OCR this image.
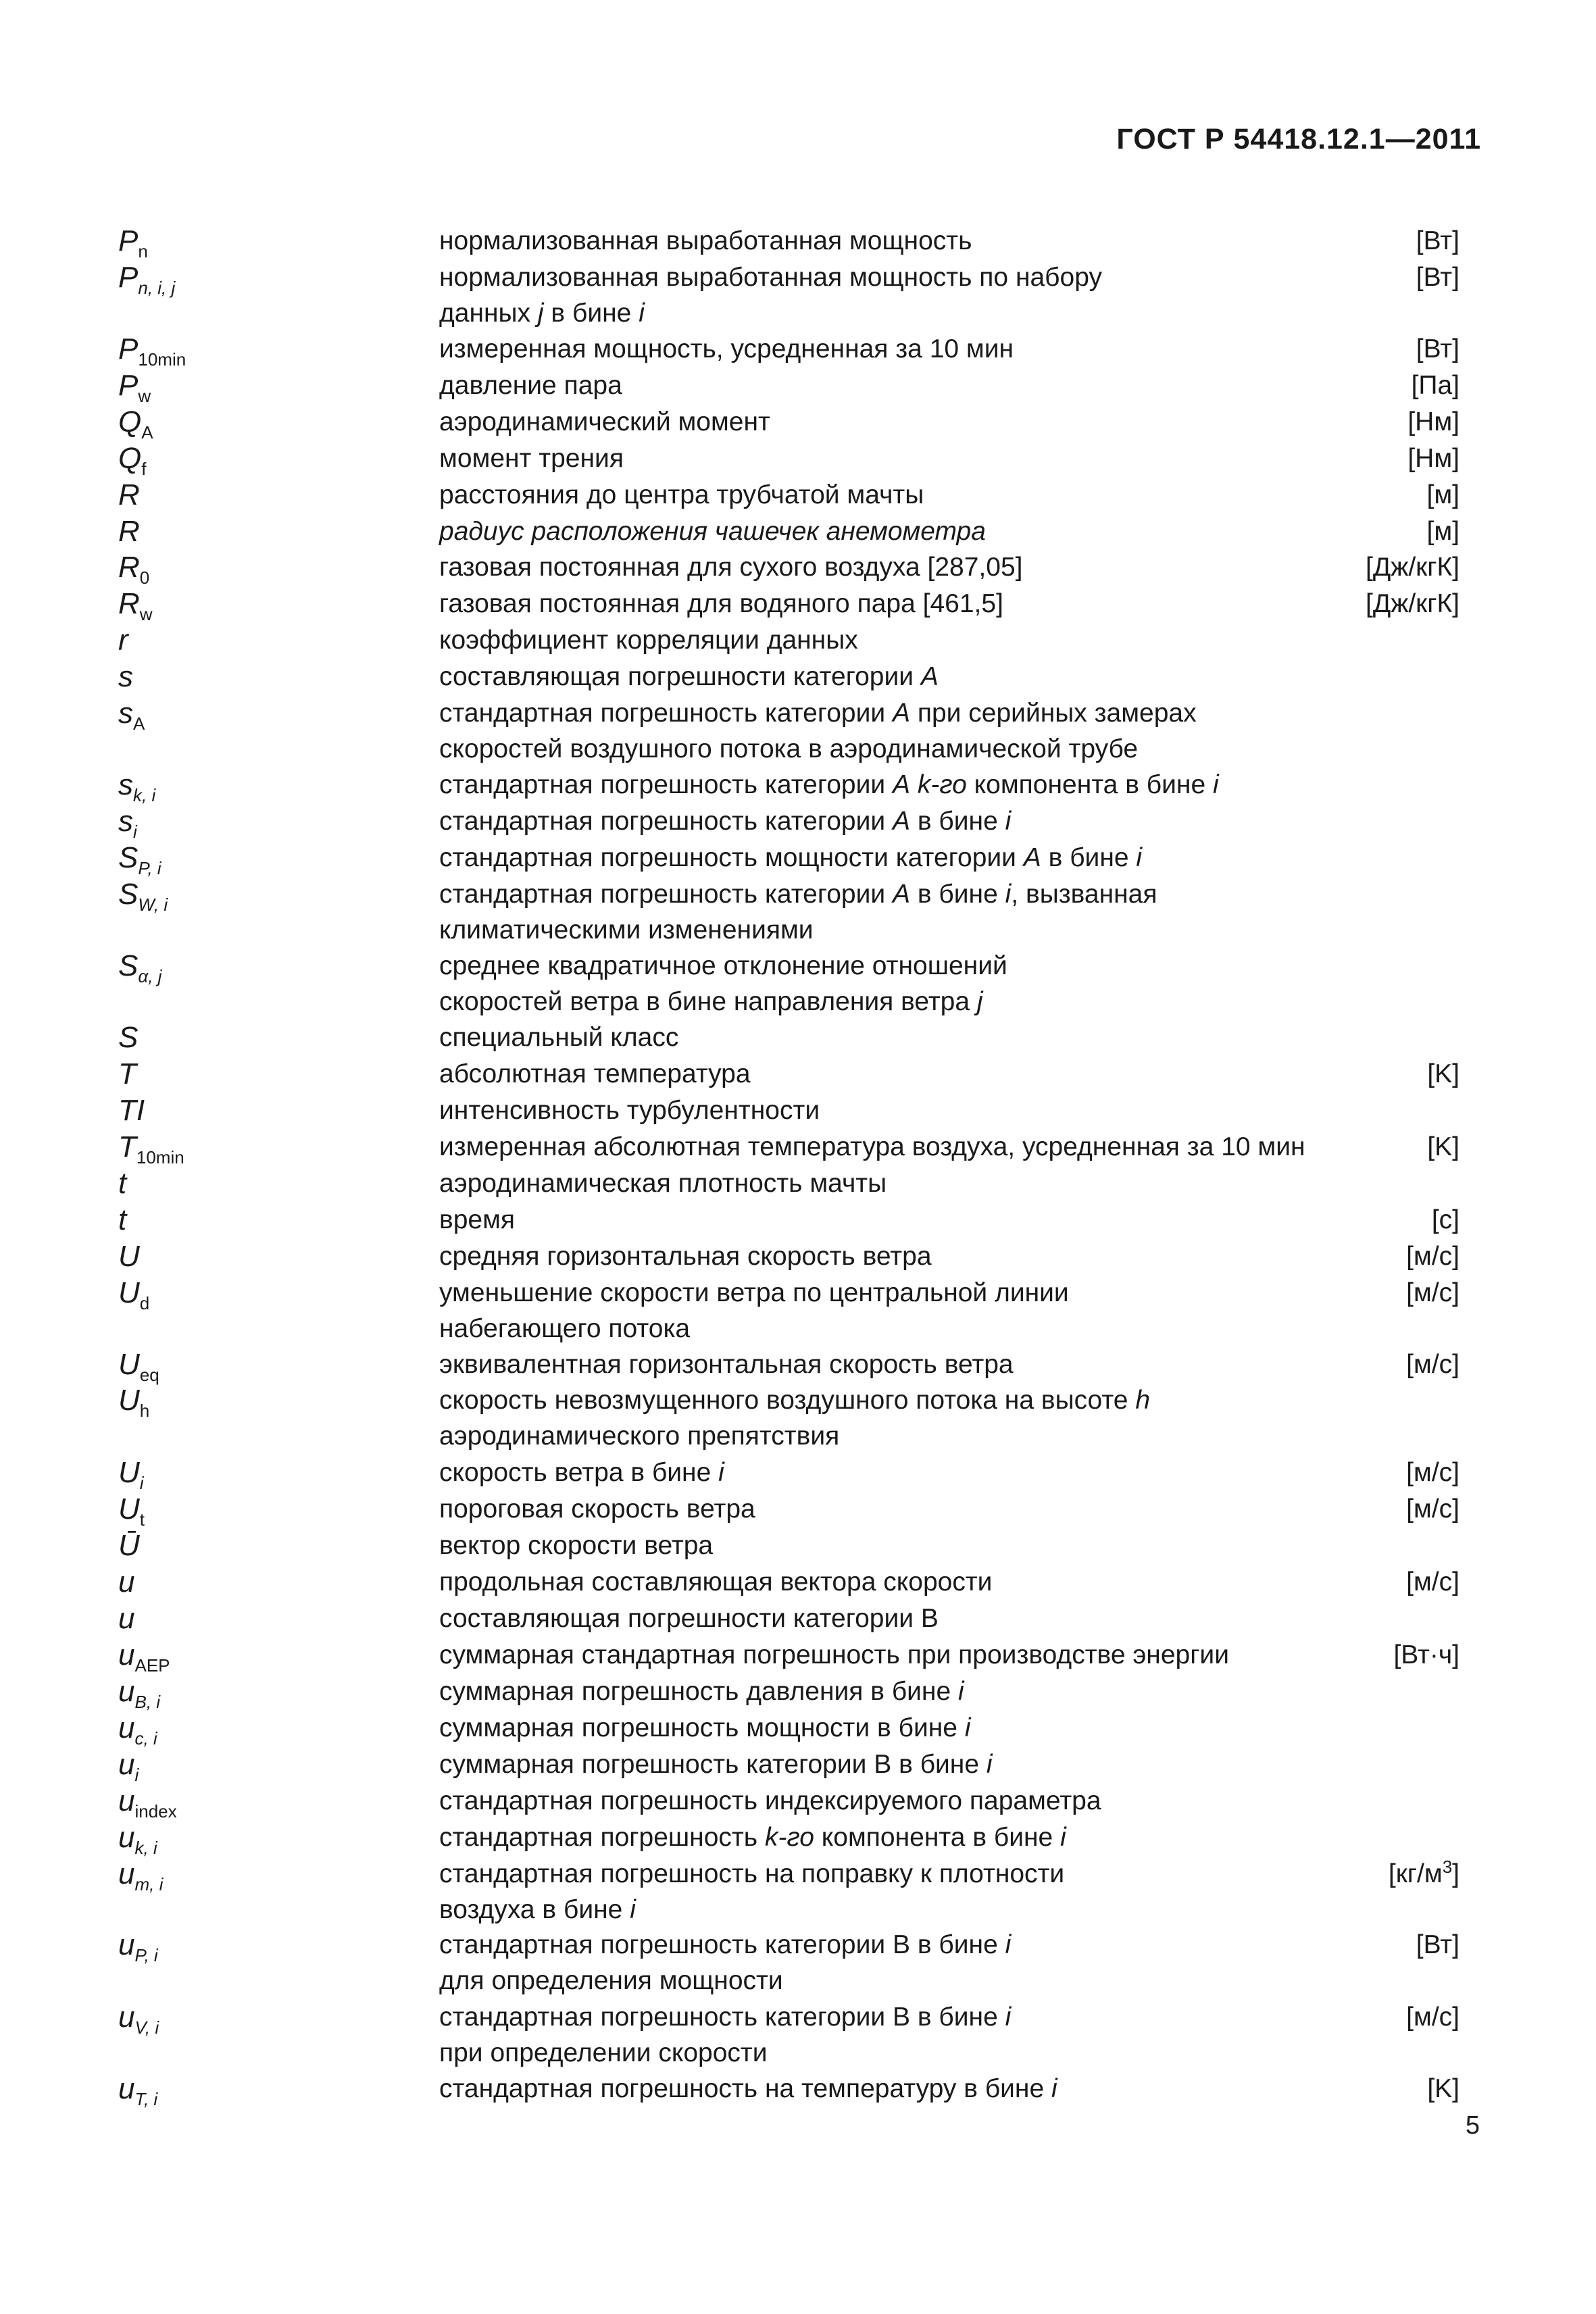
ГОСТ Р 54418.12.1—2011
$P_n$	нормализованная выработанная мощность	[Вт]
$P_{n, i, j}$	нормализованная выработанная мощность по набору	[Вт]
данных j в бине i
$P_{10min}$	измеренная мощность, усредненная за 10 мин	[Вт]
$P_w$	давление пара	[Па]
$Q_A$	аэродинамический момент	[Нм]
$Q_f$	момент трения	[Нм]
R	расстояния до центра трубчатой мачты	[м]
R	радиус расположения чашечек анемометра	[м]
$R_0$	газовая постоянная для сухого воздуха [287,05]	[Дж/кгК]
$R_w$	газовая постоянная для водяного пара [461,5]	[Дж/кгК]
r	коэффициент корреляции данных
s	составляющая погрешности категории A
$s_A$	стандартная погрешность категории A при серийных замерах
скоростей воздушного потока в аэродинамической трубе
$s_{k, i}$	стандартная погрешность категории A k-го компонента в бине i
$s_i$	стандартная погрешность категории A в бине i
$S_{P, i}$	стандартная погрешность мощности категории A в бине i
$S_{W, i}$	стандартная погрешность категории A в бине i, вызванная
климатическими изменениями
$S_{\alpha, j}$	среднее квадратичное отклонение отношений
скоростей ветра в бине направления ветра j
S	специальный класс
T	абсолютная температура	[K]
TI	интенсивность турбулентности
$T_{10min}$	измеренная абсолютная температура воздуха, усредненная за 10 мин	[K]
t	аэродинамическая плотность мачты
t	время	[c]
U	средняя горизонтальная скорость ветра	[м/с]
$U_d$	уменьшение скорости ветра по центральной линии	[м/с]
набегающего потока
$U_{eq}$	эквивалентная горизонтальная скорость ветра	[м/с]
$U_h$	скорость невозмущенного воздушного потока на высоте h
аэродинамического препятствия
$U_i$	скорость ветра в бине i	[м/с]
$U_t$	пороговая скорость ветра	[м/с]
Ū	вектор скорости ветра
u	продольная составляющая вектора скорости	[м/с]
u	составляющая погрешности категории B
$u_{AEP}$	суммарная стандартная погрешность при производстве энергии	[Вт·ч]
$u_{B, i}$	суммарная погрешность давления в бине i
$u_{c, i}$	суммарная погрешность мощности в бине i
$u_i$	суммарная погрешность категории B в бине i
$u_{index}$	стандартная погрешность индексируемого параметра
$u_{k, i}$	стандартная погрешность k-го компонента в бине i
$u_{m, i}$	стандартная погрешность на поправку к плотности	$[кг/м^3]$
воздуха в бине i
$u_{P, i}$	стандартная погрешность категории B в бине i	[Вт]
для определения мощности
$u_{V, i}$	стандартная погрешность категории B в бине i	[м/с]
при определении скорости
$u_{T, i}$	стандартная погрешность на температуру в бине i	[K]
5
